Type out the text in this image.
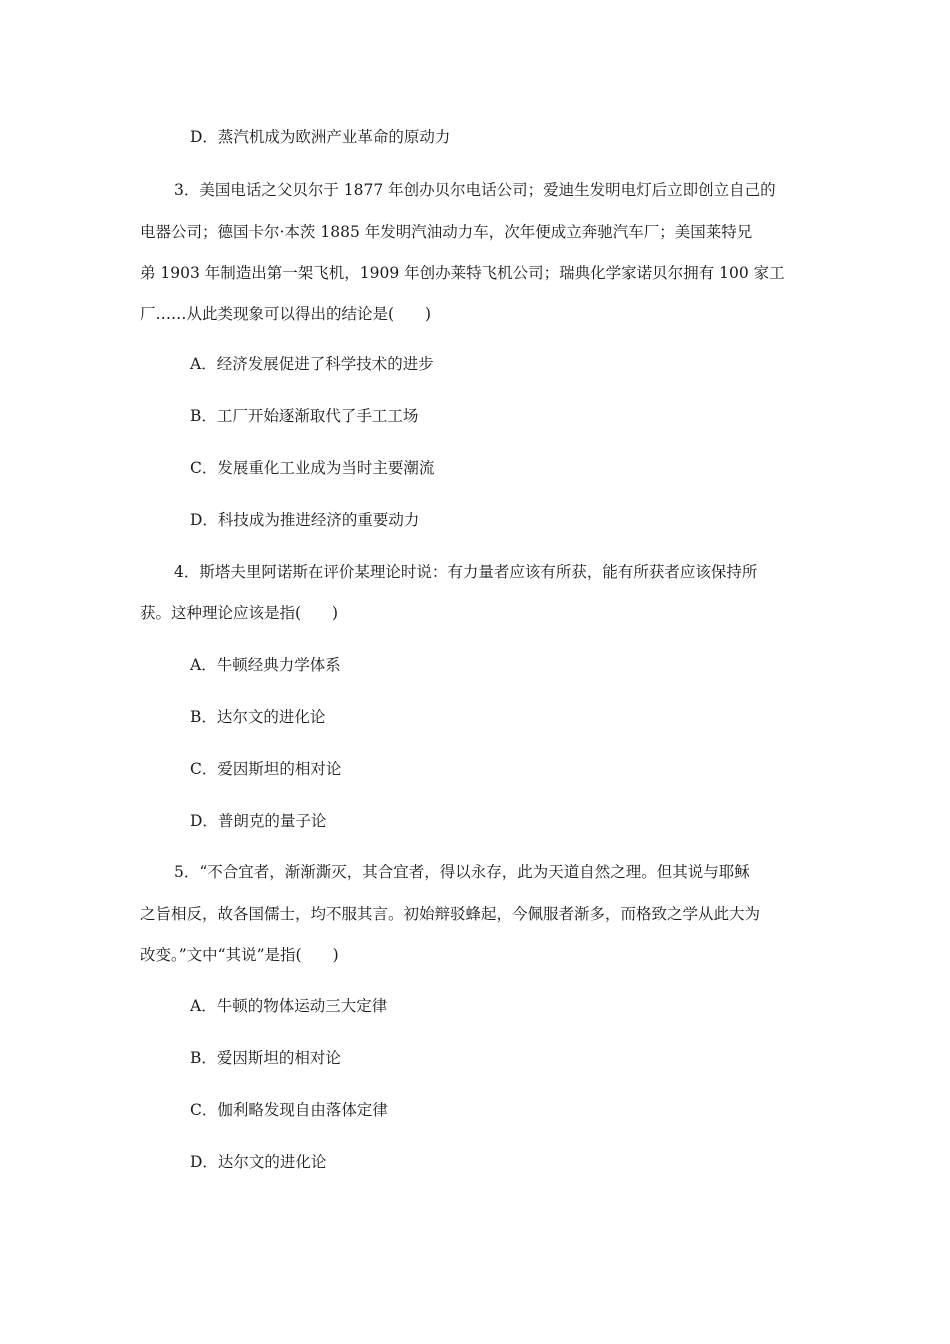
D．蒸汽机成为欧洲产业革命的原动力
3．美国电话之父贝尔于 1877 年创办贝尔电话公司；爱迪生发明电灯后立即创立自己的
电器公司；德国卡尔·本茨 1885 年发明汽油动力车，次年便成立奔驰汽车厂；美国莱特兄
弟 1903 年制造出第一架飞机，1909 年创办莱特飞机公司；瑞典化学家诺贝尔拥有 100 家工
厂……从此类现象可以得出的结论是(　　)
A．经济发展促进了科学技术的进步
B．工厂开始逐渐取代了手工工场
C．发展重化工业成为当时主要潮流
D．科技成为推进经济的重要动力
4．斯塔夫里阿诺斯在评价某理论时说：有力量者应该有所获，能有所获者应该保持所
获。这种理论应该是指(　　)
A．牛顿经典力学体系
B．达尔文的进化论
C．爱因斯坦的相对论
D．普朗克的量子论
5．“不合宜者，渐渐澌灭，其合宜者，得以永存，此为天道自然之理。但其说与耶稣
之旨相反，故各国儒士，均不服其言。初始辩驳蜂起，今佩服者渐多，而格致之学从此大为
改变。”文中“其说”是指(　　)
A．牛顿的物体运动三大定律
B．爱因斯坦的相对论
C．伽利略发现自由落体定律
D．达尔文的进化论
